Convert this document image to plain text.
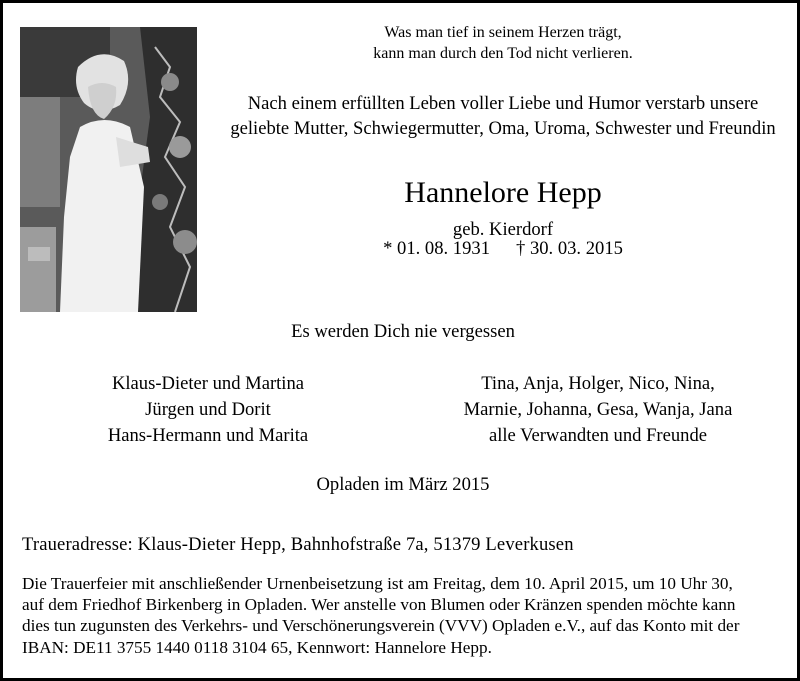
Was man tief in seinem Herzen trägt,
kann man durch den Tod nicht verlieren.
Nach einem erfüllten Leben voller Liebe und Humor verstarb unsere
geliebte Mutter, Schwiegermutter, Oma, Uroma, Schwester und Freundin
Hannelore Hepp
geb. Kierdorf
* 01. 08. 1931 † 30. 03. 2015
Es werden Dich nie vergessen
Klaus-Dieter und Martina
Jürgen und Dorit
Hans-Hermann und Marita
Tina, Anja, Holger, Nico, Nina,
Marnie, Johanna, Gesa, Wanja, Jana
alle Verwandten und Freunde
Opladen im März 2015
Traueradresse: Klaus-Dieter Hepp, Bahnhofstraße 7a, 51379 Leverkusen
Die Trauerfeier mit anschließender Urnenbeisetzung ist am Freitag, dem 10. April 2015, um 10 Uhr 30,
auf dem Friedhof Birkenberg in Opladen. Wer anstelle von Blumen oder Kränzen spenden möchte kann
dies tun zugunsten des Verkehrs- und Verschönerungsverein (VVV) Opladen e.V., auf das Konto mit der
IBAN: DE11 3755 1440 0118 3104 65, Kennwort: Hannelore Hepp.
